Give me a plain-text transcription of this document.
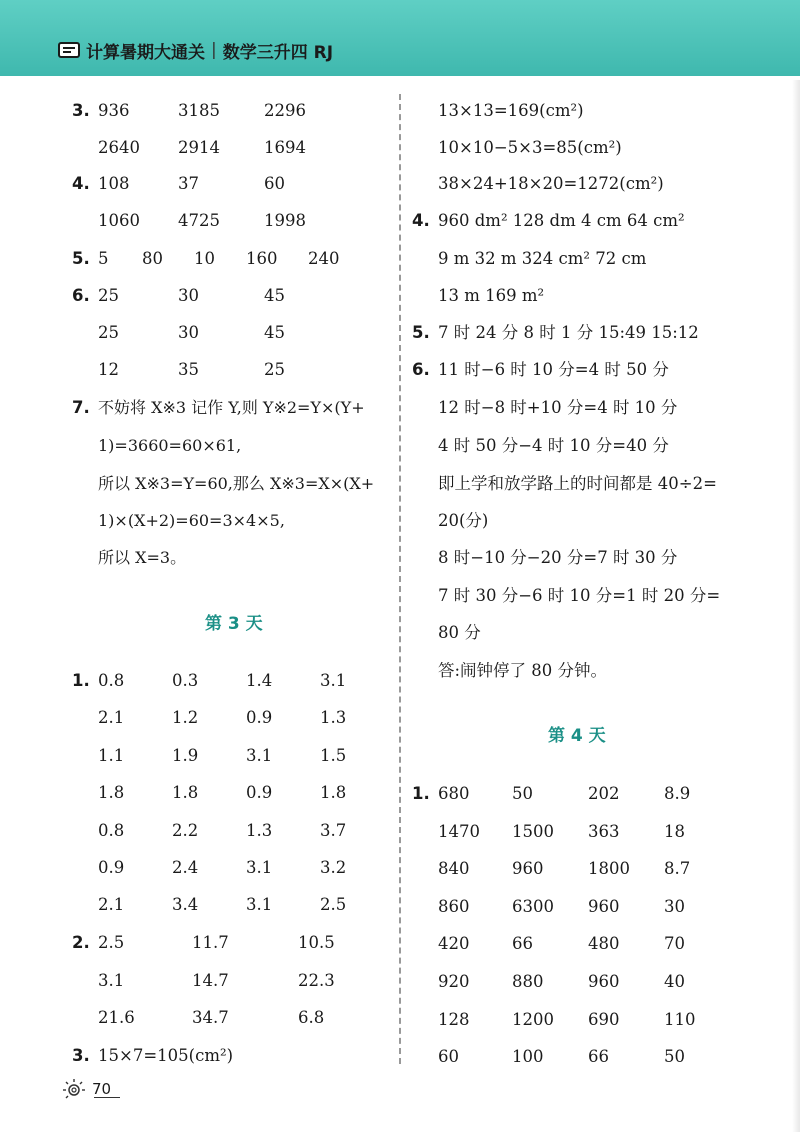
计算暑期大通关 | 数学三升四 RJ
3. 936	3185	2296
2640 2914	1694
4. 108	37	60
1060 4725	1998
5. 5 80 10 160 240
6. 25	30	45
25	30	45
12	35	25
7. 不妨将 X※3 记作 Y,则 Y※2=Y×(Y+
1)=3660=60×61,
所以 X※3=Y=60,那么 X※3=X×(X+
1)×(X+2)=60=3×4×5,
所以 X=3。
第 3 天
1. 0.8	0.3	1.4	3.1
2.1	1.2	0.9	1.3
1.1	1.9	3.1	1.5
1.8	1.8	0.9	1.8
0.8	2.2	1.3	3.7
0.9	2.4	3.1	3.2
2.1	3.4	3.1	2.5
2. 2.5	11.7	10.5
3.1	14.7	22.3
21.6	34.7	6.8
3. 15×7=105(cm²)
13×13=169(cm²)
10×10−5×3=85(cm²)
38×24+18×20=1272(cm²)
4. 960 dm² 128 dm 4 cm 64 cm²
9 m 32 m 324 cm² 72 cm
13 m 169 m²
5. 7 时 24 分 8 时 1 分 15:49 15:12
6. 11 时−6 时 10 分=4 时 50 分
12 时−8 时+10 分=4 时 10 分
4 时 50 分−4 时 10 分=40 分
即上学和放学路上的时间都是 40÷2=
20(分)
8 时−10 分−20 分=7 时 30 分
7 时 30 分−6 时 10 分=1 时 20 分=
80 分
答:闹钟停了 80 分钟。
第 4 天
1. 680	50	202	8.9
1470 1500 363	18
840	960	1800 8.7
860	6300 960	30
420	66	480	70
920	880	960	40
128	1200 690	110
60	100	66	50
70
